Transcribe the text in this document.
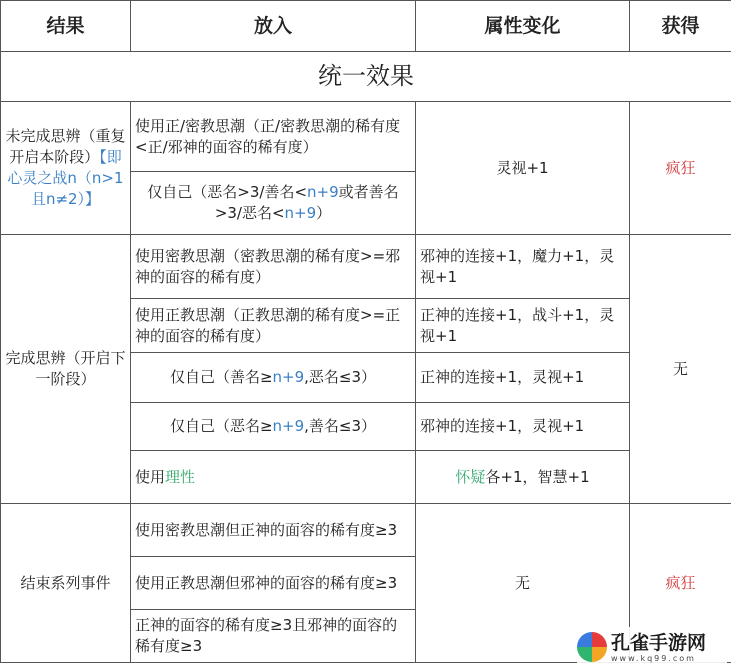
结果	放入	属性变化	获得
统一效果			
未完成思辨（重复开启本阶段）【即心灵之战n（n>1且n≠2）】	使用正/密教思潮（正/密教思潮的稀有度<正/邪神的面容的稀有度）	灵视+1	疯狂
	仅自己（恶名>3/善名<n+9或者善名>3/恶名<n+9）		
完成思辨（开启下一阶段）	使用密教思潮（密教思潮的稀有度>=邪神的面容的稀有度）	邪神的连接+1，魔力+1，灵视+1	无
	使用正教思潮（正教思潮的稀有度>=正神的面容的稀有度）	正神的连接+1，战斗+1，灵视+1	
	仅自己（善名≥n+9,恶名≤3）	正神的连接+1，灵视+1	
	仅自己（恶名≥n+9,善名≤3）	邪神的连接+1，灵视+1	
	使用理性	怀疑各+1，智慧+1	
结束系列事件	使用密教思潮但正神的面容的稀有度≥3	无	疯狂
	使用正教思潮但邪神的面容的稀有度≥3		
	正神的面容的稀有度≥3且邪神的面容的稀有度≥3			孔雀手游网
www.kq99.com
